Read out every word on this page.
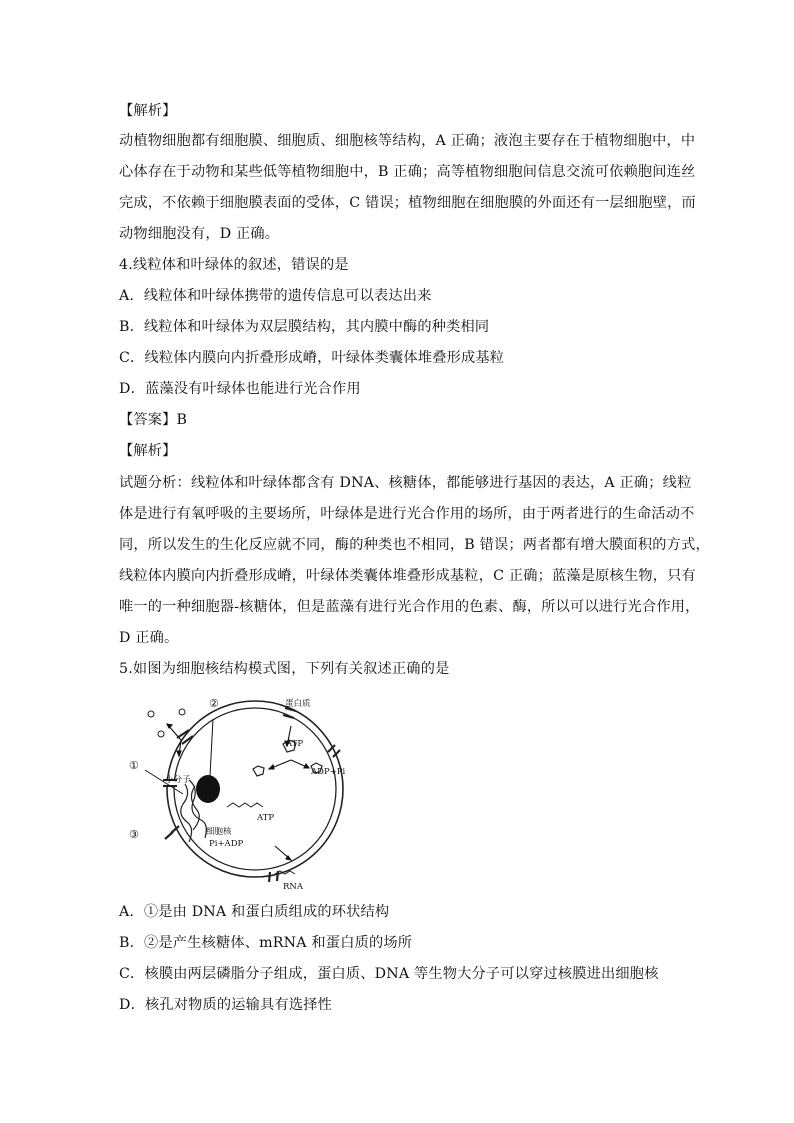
【解析】
动植物细胞都有细胞膜、细胞质、细胞核等结构，A 正确；液泡主要存在于植物细胞中，中
心体存在于动物和某些低等植物细胞中，B 正确；高等植物细胞间信息交流可依赖胞间连丝
完成，不依赖于细胞膜表面的受体，C 错误；植物细胞在细胞膜的外面还有一层细胞壁，而
动物细胞没有，D 正确。
4.线粒体和叶绿体的叙述，错误的是
A．线粒体和叶绿体携带的遗传信息可以表达出来
B．线粒体和叶绿体为双层膜结构，其内膜中酶的种类相同
C．线粒体内膜向内折叠形成嵴，叶绿体类囊体堆叠形成基粒
D．蓝藻没有叶绿体也能进行光合作用
【答案】B
【解析】
试题分析：线粒体和叶绿体都含有 DNA、核糖体，都能够进行基因的表达，A 正确；线粒
体是进行有氧呼吸的主要场所，叶绿体是进行光合作用的场所，由于两者进行的生命活动不
同，所以发生的生化反应就不同，酶的种类也不相同，B 错误；两者都有增大膜面积的方式，
线粒体内膜向内折叠形成嵴，叶绿体类囊体堆叠形成基粒，C 正确；蓝藻是原核生物，只有
唯一的一种细胞器-核糖体，但是蓝藻有进行光合作用的色素、酶，所以可以进行光合作用，
D 正确。
5.如图为细胞核结构模式图，下列有关叙述正确的是
②
①
③
蛋白质
ATP
ADP+Pi
小分子
细胞核
ATP
Pi+ADP
RNA
A．①是由 DNA 和蛋白质组成的环状结构
B．②是产生核糖体、mRNA 和蛋白质的场所
C．核膜由两层磷脂分子组成，蛋白质、DNA 等生物大分子可以穿过核膜进出细胞核
D．核孔对物质的运输具有选择性
